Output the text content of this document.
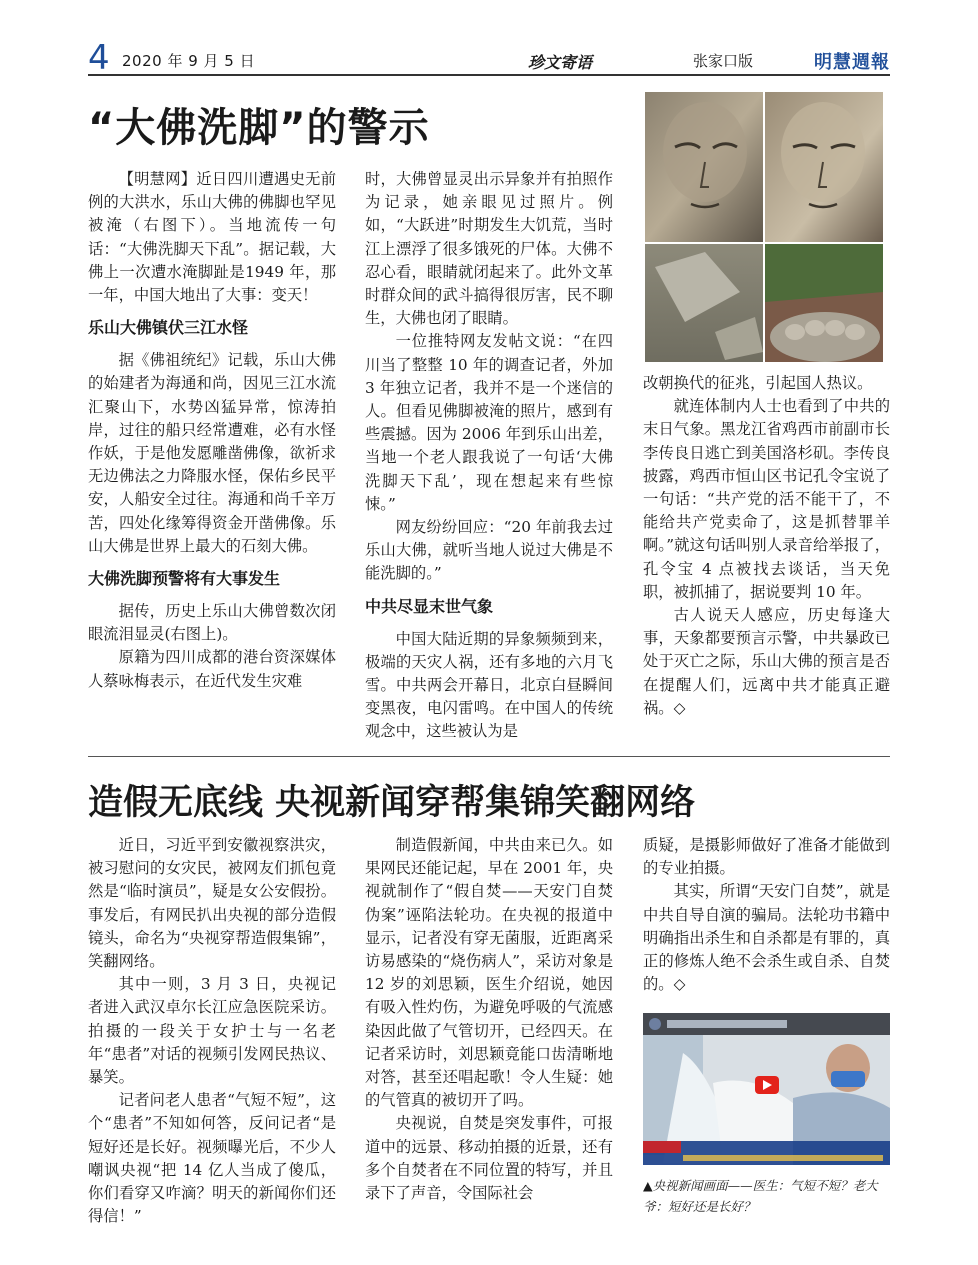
4 2020 年 9 月 5 日	珍文寄语	张家口版	明慧週報
“大佛洗脚”的警示

【明慧网】近日四川遭遇史无前例的大洪水，乐山大佛的佛脚也罕见被淹（右图下）。当地流传一句话：“大佛洗脚天下乱”。据记载，大佛上一次遭水淹脚趾是1949 年，那一年，中国大地出了大事：变天！

乐山大佛镇伏三江水怪

据《佛祖统纪》记载，乐山大佛的始建者为海通和尚，因见三江水流汇聚山下，水势凶猛异常，惊涛拍岸，过往的船只经常遭难，必有水怪作妖，于是他发愿雕凿佛像，欲祈求无边佛法之力降服水怪，保佑乡民平安，人船安全过往。海通和尚千辛万苦，四处化缘筹得资金开凿佛像。乐山大佛是世界上最大的石刻大佛。

大佛洗脚预警将有大事发生

据传，历史上乐山大佛曾数次闭眼流泪显灵(右图上)。

原籍为四川成都的港台资深媒体人蔡咏梅表示，在近代发生灾难

时，大佛曾显灵出示异象并有拍照作为记录，她亲眼见过照片。例如，“大跃进”时期发生大饥荒，当时江上漂浮了很多饿死的尸体。大佛不忍心看，眼睛就闭起来了。此外文革时群众间的武斗搞得很厉害，民不聊生，大佛也闭了眼睛。

一位推特网友发帖文说：“在四川当了整整 10 年的调查记者，外加 3 年独立记者，我并不是一个迷信的人。但看见佛脚被淹的照片，感到有些震撼。因为 2006 年到乐山出差，当地一个老人跟我说了一句话‘大佛洗脚天下乱’，现在想起来有些惊悚。”

网友纷纷回应：“20 年前我去过乐山大佛，就听当地人说过大佛是不能洗脚的。”

中共尽显末世气象

中国大陆近期的异象频频到来，极端的天灾人祸，还有多地的六月飞雪。中共两会开幕日，北京白昼瞬间变黑夜，电闪雷鸣。在中国人的传统观念中，这些被认为是

改朝换代的征兆，引起国人热议。

就连体制内人士也看到了中共的末日气象。黑龙江省鸡西市前副市长李传良日逃亡到美国洛杉矶。李传良披露，鸡西市恒山区书记孔令宝说了一句话：“共产党的活不能干了，不能给共产党卖命了，这是抓替罪羊啊。”就这句话叫别人录音给举报了，孔令宝 4 点被找去谈话，当天免职，被抓捕了，据说要判 10 年。

古人说天人感应，历史每逢大事，天象都要预言示警，中共暴政已处于灭亡之际，乐山大佛的预言是否在提醒人们，远离中共才能真正避祸。◇

造假无底线 央视新闻穿帮集锦笑翻网络

近日，习近平到安徽视察洪灾，被习慰问的女灾民，被网友们抓包竟然是“临时演员”，疑是女公安假扮。事发后，有网民扒出央视的部分造假镜头，命名为“央视穿帮造假集锦”，笑翻网络。

其中一则，3 月 3 日，央视记者进入武汉卓尔长江应急医院采访。拍摄的一段关于女护士与一名老年“患者”对话的视频引发网民热议、暴笑。

记者问老人患者“气短不短”，这个“患者”不知如何答，反问记者“是短好还是长好。视频曝光后，不少人嘲讽央视“把 14 亿人当成了傻瓜，你们看穿又咋滴？明天的新闻你们还得信！”

制造假新闻，中共由来已久。如果网民还能记起，早在 2001 年，央视就制作了“假自焚——天安门自焚伪案”诬陷法轮功。在央视的报道中显示，记者没有穿无菌服，近距离采访易感染的“烧伤病人”，采访对象是 12 岁的刘思颖，医生介绍说，她因有吸入性灼伤，为避免呼吸的气流感染因此做了气管切开，已经四天。在记者采访时，刘思颖竟能口齿清晰地对答，甚至还唱起歌！令人生疑：她的气管真的被切开了吗。

央视说，自焚是突发事件，可报道中的远景、移动拍摄的近景，还有多个自焚者在不同位置的特写，并且录下了声音，令国际社会

质疑，是摄影师做好了准备才能做到的专业拍摄。

其实，所谓“天安门自焚”，就是中共自导自演的骗局。法轮功书籍中明确指出杀生和自杀都是有罪的，真正的修炼人绝不会杀生或自杀、自焚的。◇

▲央视新闻画面——医生：气短不短？老大爷：短好还是长好？
